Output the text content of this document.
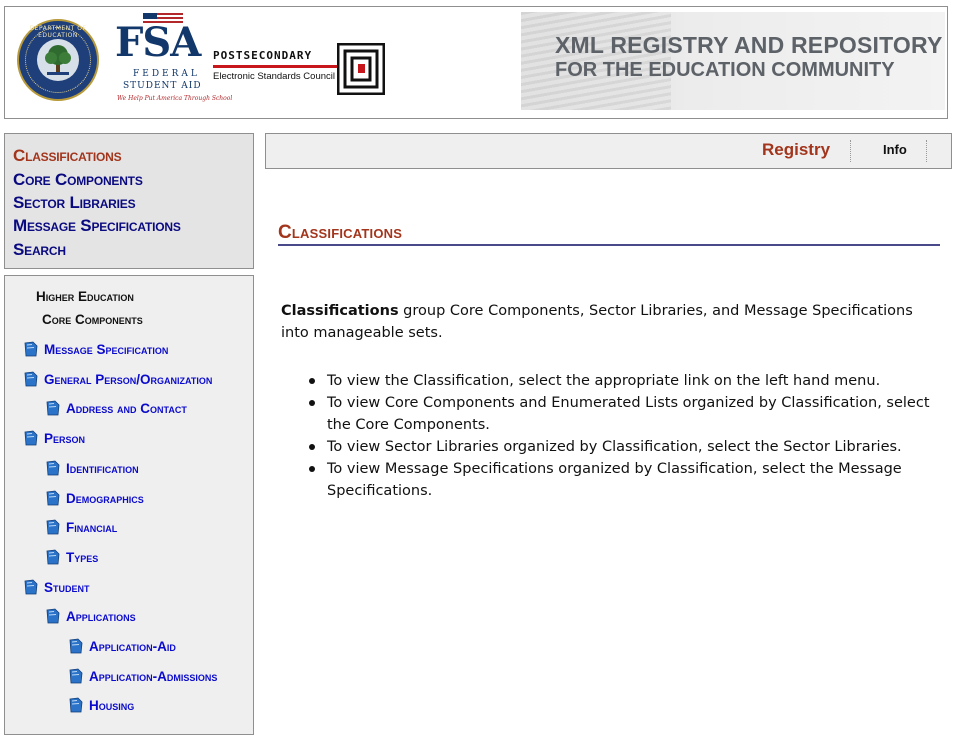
DEPARTMENT OF EDUCATION FSA
FEDERAL
STUDENT AID
We Help Put America Through School
POSTSECONDARY
Electronic Standards Council
XML REGISTRY AND REPOSITORY
FOR THE EDUCATION COMMUNITY
Classifications
Core Components
Sector Libraries
Message Specifications
Search
Higher Education
Core Components
Message Specification
General Person/Organization
Address and Contact
Person
Identification
Demographics
Financial
Types
Student
Applications
Application-Aid
Application-Admissions
Housing
Registry	Info
Classifications
Classifications group Core Components, Sector Libraries, and Message Specifications into manageable sets.
To view the Classification, select the appropriate link on the left hand menu.
To view Core Components and Enumerated Lists organized by Classification, select the Core Components.
To view Sector Libraries organized by Classification, select the Sector Libraries.
To view Message Specifications organized by Classification, select the Message Specifications.
